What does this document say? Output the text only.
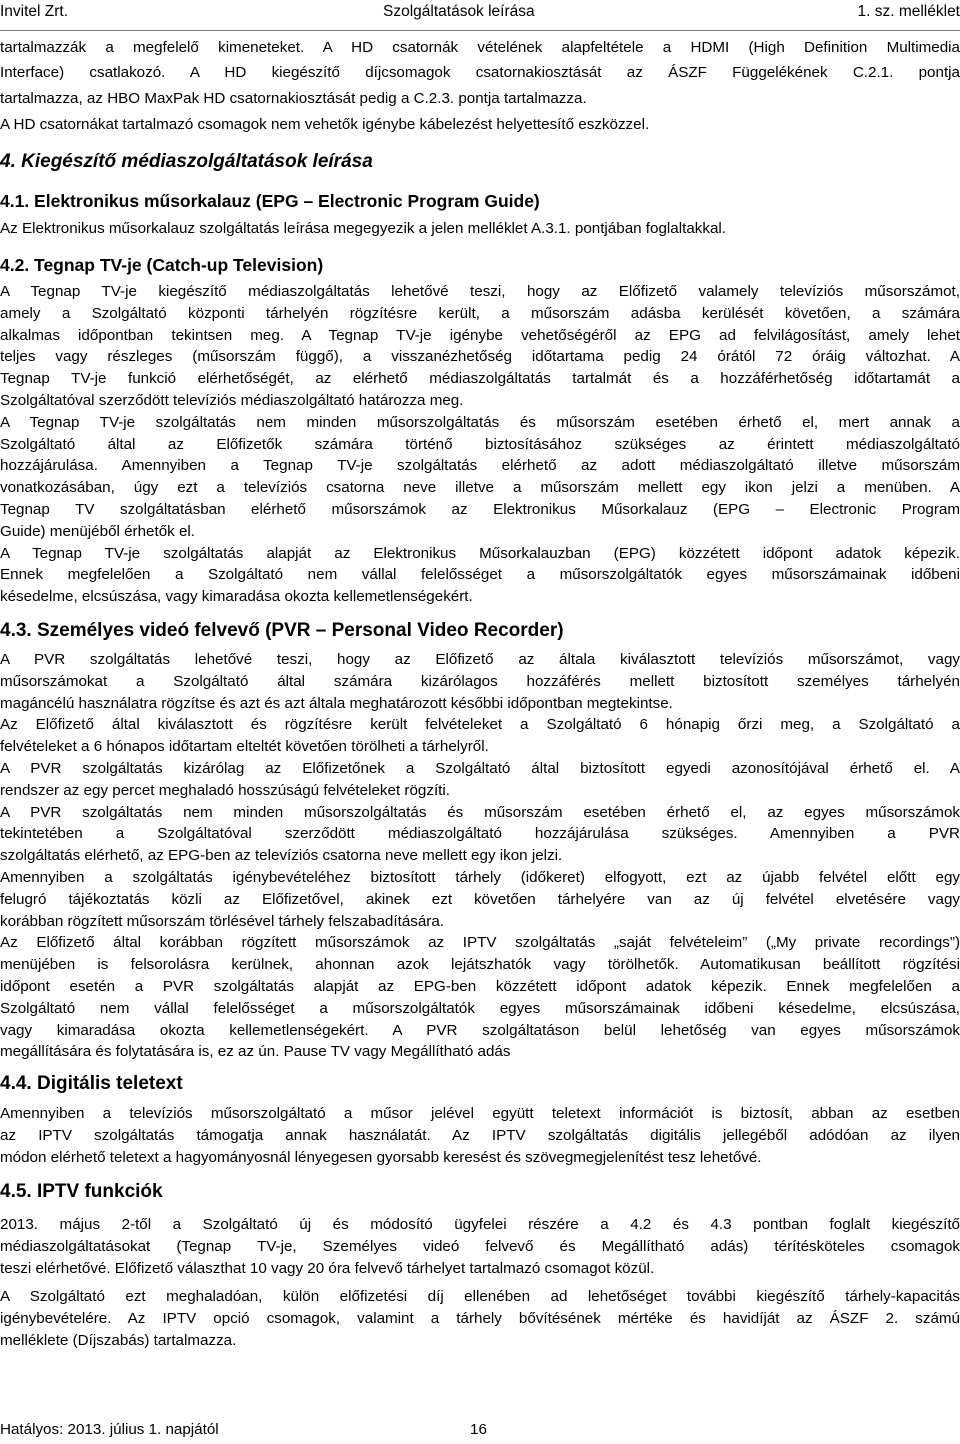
Invitel Zrt.	Szolgáltatások leírása	1. sz. melléklet
tartalmazzák a megfelelő kimeneteket. A HD csatornák vételének alapfeltétele a HDMI (High Definition Multimedia
Interface) csatlakozó. A HD kiegészítő díjcsomagok csatornakiosztását az ÁSZF Függelékének C.2.1. pontja
tartalmazza, az HBO MaxPak HD csatornakiosztását pedig a C.2.3. pontja tartalmazza.
A HD csatornákat tartalmazó csomagok nem vehetők igénybe kábelezést helyettesítő eszközzel.
4. Kiegészítő médiaszolgáltatások leírása
4.1. Elektronikus műsorkalauz (EPG – Electronic Program Guide)
Az Elektronikus műsorkalauz szolgáltatás leírása megegyezik a jelen melléklet A.3.1. pontjában foglaltakkal.
4.2. Tegnap TV-je (Catch-up Television)
A Tegnap TV-je kiegészítő médiaszolgáltatás lehetővé teszi, hogy az Előfizető valamely televíziós műsorszámot,
amely a Szolgáltató központi tárhelyén rögzítésre került, a műsorszám adásba kerülését követően, a számára
alkalmas időpontban tekintsen meg. A Tegnap TV-je igénybe vehetőségéről az EPG ad felvilágosítást, amely lehet
teljes vagy részleges (műsorszám függő), a visszanézhetőség időtartama pedig 24 órától 72 óráig változhat. A
Tegnap TV-je funkció elérhetőségét, az elérhető médiaszolgáltatás tartalmát és a hozzáférhetőség időtartamát a
Szolgáltatóval szerződött televíziós médiaszolgáltató határozza meg.
A Tegnap TV-je szolgáltatás nem minden műsorszolgáltatás és műsorszám esetében érhető el, mert annak a
Szolgáltató által az Előfizetők számára történő biztosításához szükséges az érintett médiaszolgáltató
hozzájárulása. Amennyiben a Tegnap TV-je szolgáltatás elérhető az adott médiaszolgáltató illetve műsorszám
vonatkozásában, úgy ezt a televíziós csatorna neve illetve a műsorszám mellett egy ikon jelzi a menüben. A
Tegnap TV szolgáltatásban elérhető műsorszámok az Elektronikus Műsorkalauz (EPG – Electronic Program
Guide) menüjéből érhetők el.
A Tegnap TV-je szolgáltatás alapját az Elektronikus Műsorkalauzban (EPG) közzétett időpont adatok képezik.
Ennek megfelelően a Szolgáltató nem vállal felelősséget a műsorszolgáltatók egyes műsorszámainak időbeni
késedelme, elcsúszása, vagy kimaradása okozta kellemetlenségekért.
4.3. Személyes videó felvevő (PVR – Personal Video Recorder)
A PVR szolgáltatás lehetővé teszi, hogy az Előfizető az általa kiválasztott televíziós műsorszámot, vagy
műsorszámokat a Szolgáltató által számára kizárólagos hozzáférés mellett biztosított személyes tárhelyén
magáncélú használatra rögzítse és azt és azt általa meghatározott későbbi időpontban megtekintse.
Az Előfizető által kiválasztott és rögzítésre került felvételeket a Szolgáltató 6 hónapig őrzi meg, a Szolgáltató a
felvételeket a 6 hónapos időtartam elteltét követően törölheti a tárhelyről.
A PVR szolgáltatás kizárólag az Előfizetőnek a Szolgáltató által biztosított egyedi azonosítójával érhető el. A
rendszer az egy percet meghaladó hosszúságú felvételeket rögzíti.
A PVR szolgáltatás nem minden műsorszolgáltatás és műsorszám esetében érhető el, az egyes műsorszámok
tekintetében a Szolgáltatóval szerződött médiaszolgáltató hozzájárulása szükséges. Amennyiben a PVR
szolgáltatás elérhető, az EPG-ben az televíziós csatorna neve mellett egy ikon jelzi.
Amennyiben a szolgáltatás igénybevételéhez biztosított tárhely (időkeret) elfogyott, ezt az újabb felvétel előtt egy
felugró tájékoztatás közli az Előfizetővel, akinek ezt követően tárhelyére van az új felvétel elvetésére vagy
korábban rögzített műsorszám törlésével tárhely felszabadítására.
Az Előfizető által korábban rögzített műsorszámok az IPTV szolgáltatás „saját felvételeim” („My private recordings”)
menüjében is felsorolásra kerülnek, ahonnan azok lejátszhatók vagy törölhetők. Automatikusan beállított rögzítési
időpont esetén a PVR szolgáltatás alapját az EPG-ben közzétett időpont adatok képezik. Ennek megfelelően a
Szolgáltató nem vállal felelősséget a műsorszolgáltatók egyes műsorszámainak időbeni késedelme, elcsúszása,
vagy kimaradása okozta kellemetlenségekért. A PVR szolgáltatáson belül lehetőség van egyes műsorszámok
megállítására és folytatására is, ez az ún. Pause TV vagy Megállítható adás
4.4. Digitális teletext
Amennyiben a televíziós műsorszolgáltató a műsor jelével együtt teletext információt is biztosít, abban az esetben
az IPTV szolgáltatás támogatja annak használatát. Az IPTV szolgáltatás digitális jellegéből adódóan az ilyen
módon elérhető teletext a hagyományosnál lényegesen gyorsabb keresést és szövegmegjelenítést tesz lehetővé.
4.5. IPTV funkciók
2013. május 2-től a Szolgáltató új és módosító ügyfelei részére a 4.2 és 4.3 pontban foglalt kiegészítő
médiaszolgáltatásokat (Tegnap TV-je, Személyes videó felvevő és Megállítható adás) térítésköteles csomagok
teszi elérhetővé. Előfizető választhat 10 vagy 20 óra felvevő tárhelyet tartalmazó csomagot közül.
A Szolgáltató ezt meghaladóan, külön előfizetési díj ellenében ad lehetőséget további kiegészítő tárhely-kapacitás
igénybevételére. Az IPTV opció csomagok, valamint a tárhely bővítésének mértéke és havidíját az ÁSZF 2. számú
melléklete (Díjszabás) tartalmazza.
Hatályos: 2013. július 1. napjától	16
